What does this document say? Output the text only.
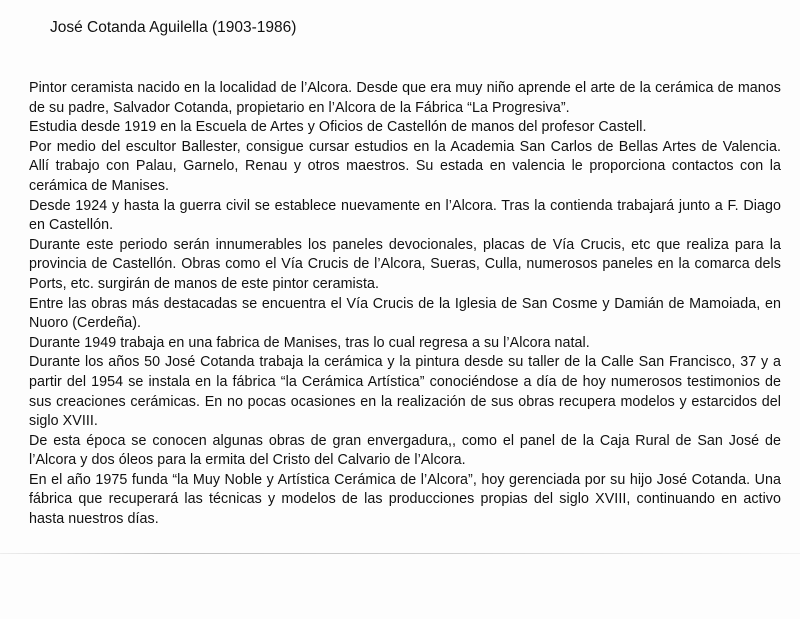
José Cotanda Aguilella (1903-1986)

Pintor ceramista nacido en la localidad de l’Alcora. Desde que era muy niño aprende el arte de la cerámica de manos de su padre, Salvador Cotanda, propietario en l’Alcora de la Fábrica “La Progresiva”.

Estudia desde 1919 en la Escuela de Artes y Oficios de Castellón de manos del profesor Castell.

Por medio del escultor Ballester, consigue cursar estudios en la Academia San Carlos de Bellas Artes de Valencia. Allí trabajo con Palau, Garnelo, Renau y otros maestros. Su estada en valencia le proporciona contactos con la cerámica de Manises.

Desde 1924 y hasta la guerra civil se establece nuevamente en l’Alcora. Tras la contienda trabajará junto a F. Diago en Castellón.

Durante este periodo serán innumerables los paneles devocionales, placas de Vía Crucis, etc que realiza para la provincia de Castellón. Obras como el Vía Crucis de l’Alcora, Sueras, Culla, numerosos paneles en la comarca dels Ports, etc. surgirán de manos de este pintor ceramista.

Entre las obras más destacadas se encuentra el Vía Crucis de la Iglesia de San Cosme y Damián de Mamoiada, en Nuoro (Cerdeña).

Durante 1949 trabaja en una fabrica de Manises, tras lo cual regresa a su l’Alcora natal.

Durante los años 50 José Cotanda trabaja la cerámica y la pintura desde su taller de la Calle San Francisco, 37 y a partir del 1954 se instala en la fábrica “la Cerámica Artística” conociéndose a día de hoy numerosos testimonios de sus creaciones cerámicas. En no pocas ocasiones en la realización de sus obras recupera modelos y estarcidos del siglo XVIII.

De esta época se conocen algunas obras de gran envergadura,, como el panel de la Caja Rural de San José de l’Alcora y dos óleos para la ermita del Cristo del Calvario de l’Alcora.

En el año 1975 funda “la Muy Noble y Artística Cerámica de l’Alcora”, hoy gerenciada por su hijo José Cotanda. Una fábrica que recuperará las técnicas y modelos de las producciones propias del siglo XVIII, continuando en activo hasta nuestros días.
